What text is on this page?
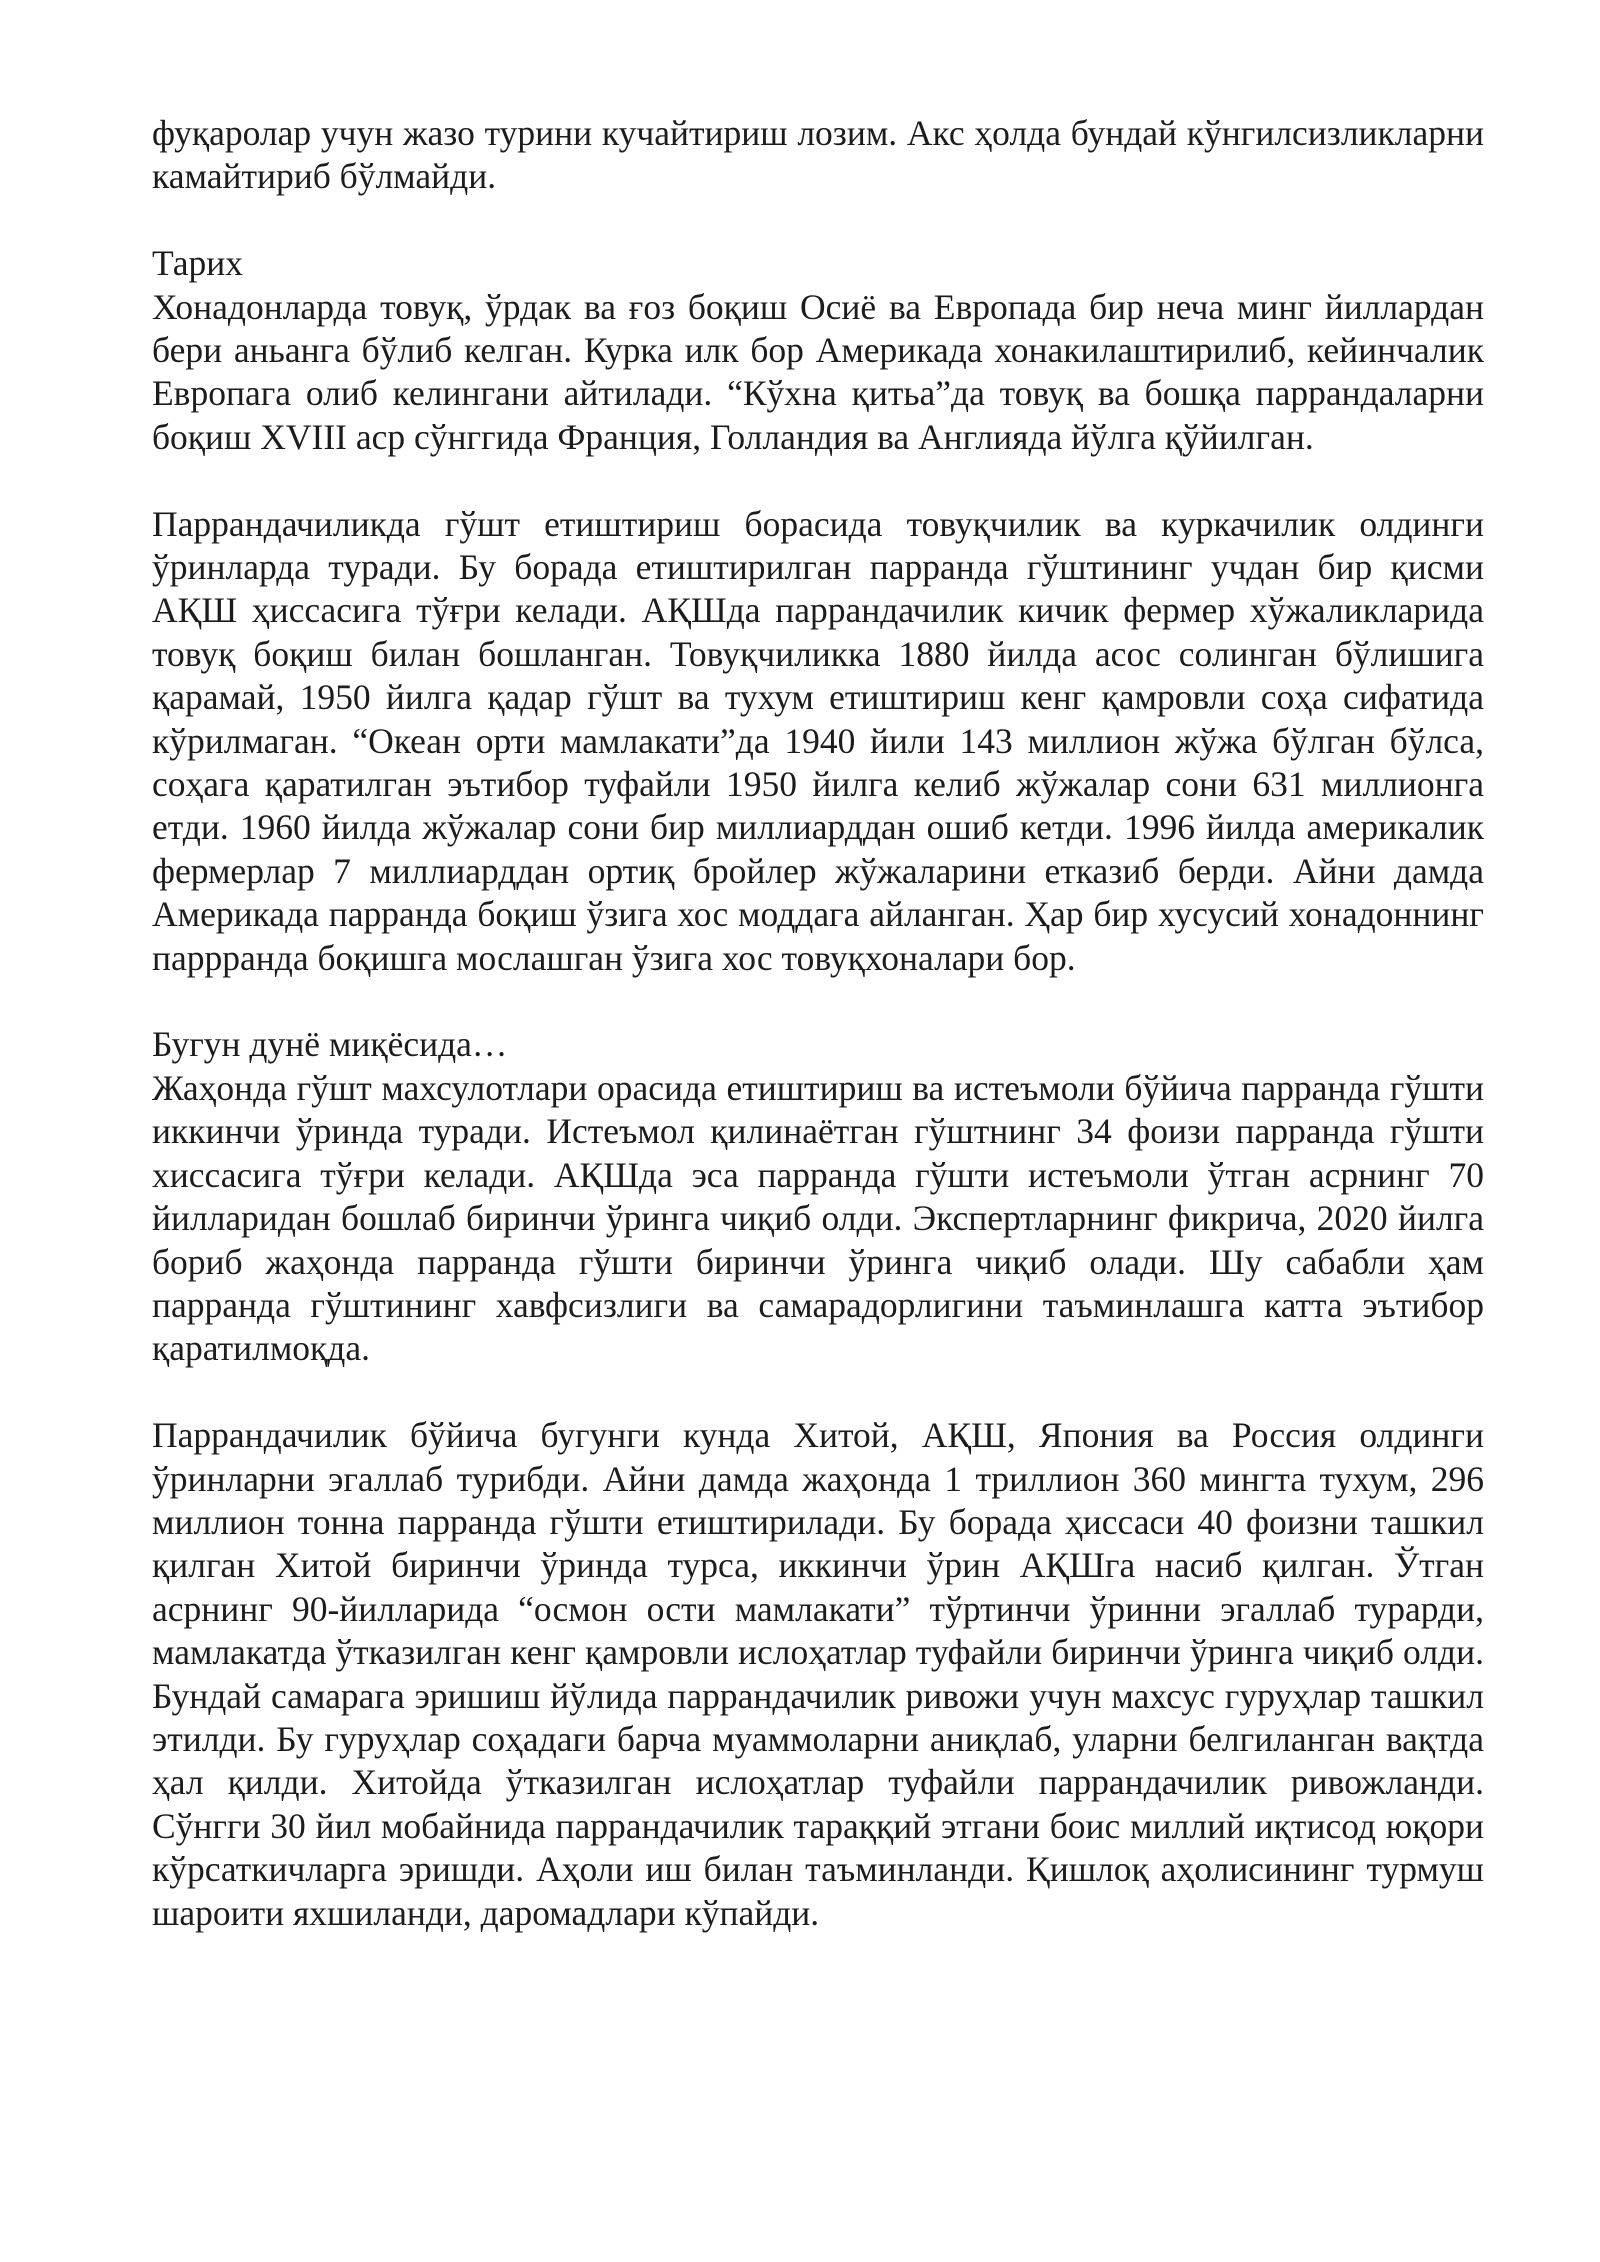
фуқаролар учун жазо турини кучайтириш лозим. Акс ҳолда бундай кўнгилсизликларни камайтириб бўлмайди.

Тарих

Хонадонларда товуқ, ўрдак ва ғоз боқиш Осиё ва Европада бир неча минг йиллардан бери аньанга бўлиб келган. Курка илк бор Америкада хонакилаштирилиб, кейинчалик Европага олиб келингани айтилади. “Кўхна қитьа”да товуқ ва бошқа паррандаларни боқиш XVIII аср сўнггида Франция, Голландия ва Англияда йўлга қўйилган.

Паррандачиликда гўшт етиштириш борасида товуқчилик ва куркачилик олдинги ўринларда туради. Бу борада етиштирилган парранда гўштининг учдан бир қисми АҚШ ҳиссасига тўғри келади. АҚШда паррандачилик кичик фермер хўжаликларида товуқ боқиш билан бошланган. Товуқчиликка 1880 йилда асос солинган бўлишига қарамай, 1950 йилга қадар гўшт ва тухум етиштириш кенг қамровли соҳа сифатида кўрилмаган. “Океан орти мамлакати”да 1940 йили 143 миллион жўжа бўлган бўлса, соҳага қаратилган эътибор туфайли 1950 йилга келиб жўжалар сони 631 миллионга етди. 1960 йилда жўжалар сони бир миллиарддан ошиб кетди. 1996 йилда америкалик фермерлар 7 миллиарддан ортиқ бройлер жўжаларини етказиб берди. Айни дамда Америкада парранда боқиш ўзига хос моддага айланган. Ҳар бир хусусий хонадоннинг паррранда боқишга мослашган ўзига хос товуқхоналари бор.

Бугун дунё миқёсида…

Жаҳонда гўшт махсулотлари орасида етиштириш ва истеъмоли бўйича парранда гўшти иккинчи ўринда туради. Истеъмол қилинаётган гўштнинг 34 фоизи парранда гўшти хиссасига тўғри келади. АҚШда эса парранда гўшти истеъмоли ўтган асрнинг 70 йилларидан бошлаб биринчи ўринга чиқиб олди. Экспертларнинг фикрича, 2020 йилга бориб жаҳонда парранда гўшти биринчи ўринга чиқиб олади. Шу сабабли ҳам парранда гўштининг хавфсизлиги ва самарадорлигини таъминлашга катта эътибор қаратилмоқда.

Паррандачилик бўйича бугунги кунда Хитой, АҚШ, Япония ва Россия олдинги ўринларни эгаллаб турибди. Айни дамда жаҳонда 1 триллион 360 мингта тухум, 296 миллион тонна парранда гўшти етиштирилади. Бу борада ҳиссаси 40 фоизни ташкил қилган Хитой биринчи ўринда турса, иккинчи ўрин АҚШга насиб қилган. Ўтган асрнинг 90-йилларида “осмон ости мамлакати” тўртинчи ўринни эгаллаб турарди, мамлакатда ўтказилган кенг қамровли ислоҳатлар туфайли биринчи ўринга чиқиб олди. Бундай самарага эришиш йўлида паррандачилик ривожи учун махсус гуруҳлар ташкил этилди. Бу гуруҳлар соҳадаги барча муаммоларни аниқлаб, уларни белгиланган вақтда ҳал қилди. Хитойда ўтказилган ислоҳатлар туфайли паррандачилик ривожланди. Сўнгги 30 йил мобайнида паррандачилик тараққий этгани боис миллий иқтисод юқори кўрсаткичларга эришди. Аҳоли иш билан таъминланди. Қишлоқ аҳолисининг турмуш шароити яхшиланди, даромадлари кўпайди.
